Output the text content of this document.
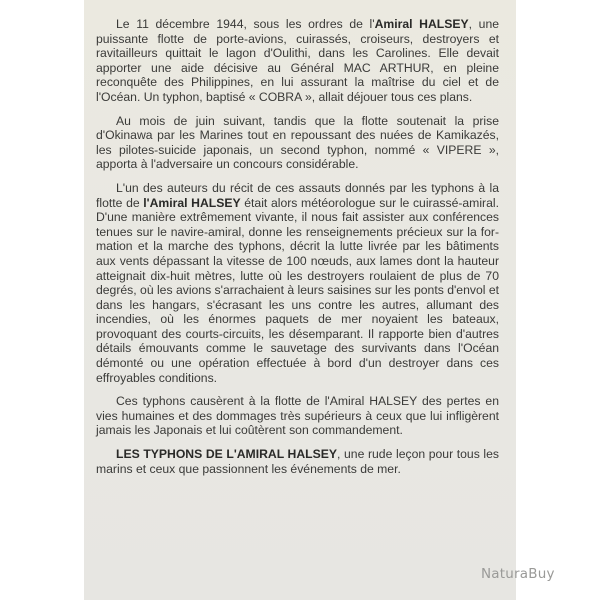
Le 11 décembre 1944, sous les ordres de l'Amiral HALSEY, une puissante flotte de porte-avions, cuirassés, croiseurs, destroyers et ravitailleurs quittait le lagon d'Oulithi, dans les Carolines. Elle devait apporter une aide décisive au Général MAC ARTHUR, en pleine reconquête des Philippines, en lui assurant la maîtrise du ciel et de l'Océan. Un typhon, baptisé « COBRA », allait déjouer tous ces plans.

Au mois de juin suivant, tandis que la flotte soutenait la prise d'Okinawa par les Marines tout en repoussant des nuées de Kamikazés, les pilotes-suicide japonais, un second typhon, nommé « VIPERE », apporta à l'adversaire un concours considérable.

L'un des auteurs du récit de ces assauts donnés par les typhons à la flotte de l'Amiral HALSEY était alors météorologue sur le cuirassé-amiral. D'une manière extrêmement vivante, il nous fait assister aux conférences tenues sur le navire-amiral, donne les renseignements précieux sur la formation et la marche des typhons, décrit la lutte livrée par les bâtiments aux vents dépassant la vitesse de 100 nœuds, aux lames dont la hauteur atteignait dix-huit mètres, lutte où les destroyers roulaient de plus de 70 degrés, où les avions s'arrachaient à leurs saisines sur les ponts d'envol et dans les hangars, s'écrasant les uns contre les autres, allumant des incendies, où les énormes paquets de mer noyaient les bateaux, provoquant des courts-circuits, les désemparant. Il rapporte bien d'autres détails émouvants comme le sauvetage des survivants dans l'Océan démonté ou une opération effectuée à bord d'un destroyer dans ces effroyables conditions.

Ces typhons causèrent à la flotte de l'Amiral HALSEY des pertes en vies humaines et des dommages très supérieurs à ceux que lui infligèrent jamais les Japonais et lui coûtèrent son commandement.

LES TYPHONS DE L'AMIRAL HALSEY, une rude leçon pour tous les marins et ceux que passionnent les événements de mer.

NaturaBuy
